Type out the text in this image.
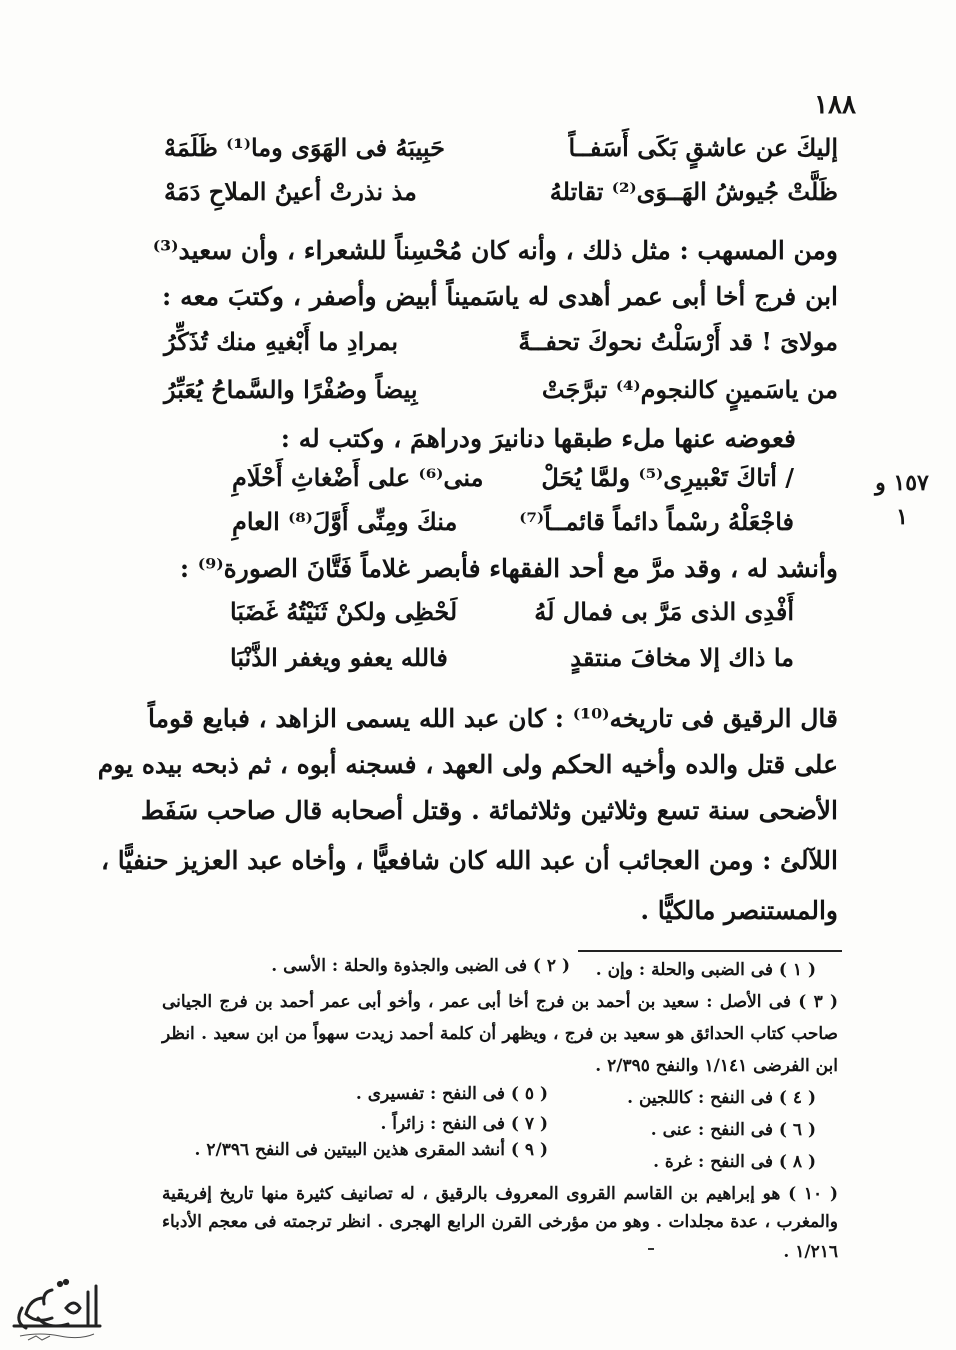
١٨٨
١٥٧ و
١
إليكَ عن عاشقٍ بَكَى أَسَفــاً
حَبِيبَهُ فى الهَوَى وما⁽¹⁾ ظَلَمَهْ
ظَلَّتْ جُيوشُ الهَــوَى⁽²⁾ تقاتلهُ
مذ نذرتْ أعينُ الملاحِ دَمَهْ
ومن المسهب : مثل ذلك ، وأنه كان مُحْسِناً للشعراء ، وأن سعيد⁽³⁾
ابن فرج أخا أبى عمر أهدى له ياسَميناً أبيض وأصفر ، وكتبَ معه :
مولاىَ ! قد أَرْسَلْتُ نحوكَ تحفــةً
بمرادِ ما أَبْغيهِ منك تُذَكِّرُ
من ياسَمينٍ كالنجوم⁽⁴⁾ تبرَّجَتْ
بِيضاً وصُفْرًا والسَّماحُ يُعَبِّرُ
فعوضه عنها ملء طبقها دنانيرَ ودراهمَ ، وكتب له :
/ أتاكَ تَعْبيرِى⁽⁵⁾ ولمَّا يُحَلْ
منى⁽⁶⁾ على أَضْغاثِ أَحْلَامِ
فاجْعَلْهُ رسْماً دائماً قائمــاً⁽⁷⁾
منكَ ومِنِّى أَوَّلَ⁽⁸⁾ العامِ
وأنشد له ، وقد مرَّ مع أحد الفقهاء فأبصر غلاماً فَتَّانَ الصورة⁽⁹⁾ :
أَفْدِى الذى مَرَّ بى فمال لَهُ
لَحْظِى ولكنْ ثَنَيْتُهُ غَضَبَا
ما ذاك إلا مخافَ منتقدٍ
فالله يعفو ويغفر الذَّنْبَا
قال الرقيق فى تاريخه⁽¹⁰⁾ : كان عبد الله يسمى الزاهد ، فبايع قوماً
على قتل والده وأخيه الحكم ولى العهد ، فسجنه أبوه ، ثم ذبحه بيده يوم
الأضحى سنة تسع وثلاثين وثلاثمائة . وقتل أصحابه قال صاحب سَفَط
اللآلئ : ومن العجائب أن عبد الله كان شافعيًّا ، وأخاه عبد العزيز حنفيًّا ،
والمستنصر مالكيًّا .
( ١ ) فى الضبى والحلة : وإن .
( ٢ ) فى الضبى والجذوة والحلة : الأسى .
( ٣ ) فى الأصل : سعيد بن أحمد بن فرج أخا أبى عمر ، وأخو أبى عمر أحمد بن فرج الجيانى
صاحب كتاب الحدائق هو سعيد بن فرج ، ويظهر أن كلمة أحمد زيدت سهواً من ابن سعيد . انظر
ابن الفرضى ١/١٤١ والنفح ٢/٣٩٥ .
( ٤ ) فى النفح : كاللجين .
( ٥ ) فى النفح : تفسيرى .
( ٦ ) فى النفح : عنى .
( ٧ ) فى النفح : زائراً .
( ٨ ) فى النفح : غرة .
( ٩ ) أنشد المقرى هذين البيتين فى النفح ٢/٣٩٦ .
( ١٠ ) هو إبراهيم بن القاسم القروى المعروف بالرقيق ، له تصانيف كثيرة منها تاريخ إفريقية
والمغرب ، عدة مجلدات . وهو من مؤرخى القرن الرابع الهجرى . انظر ترجمته فى معجم الأدباء
١/٢١٦ .
